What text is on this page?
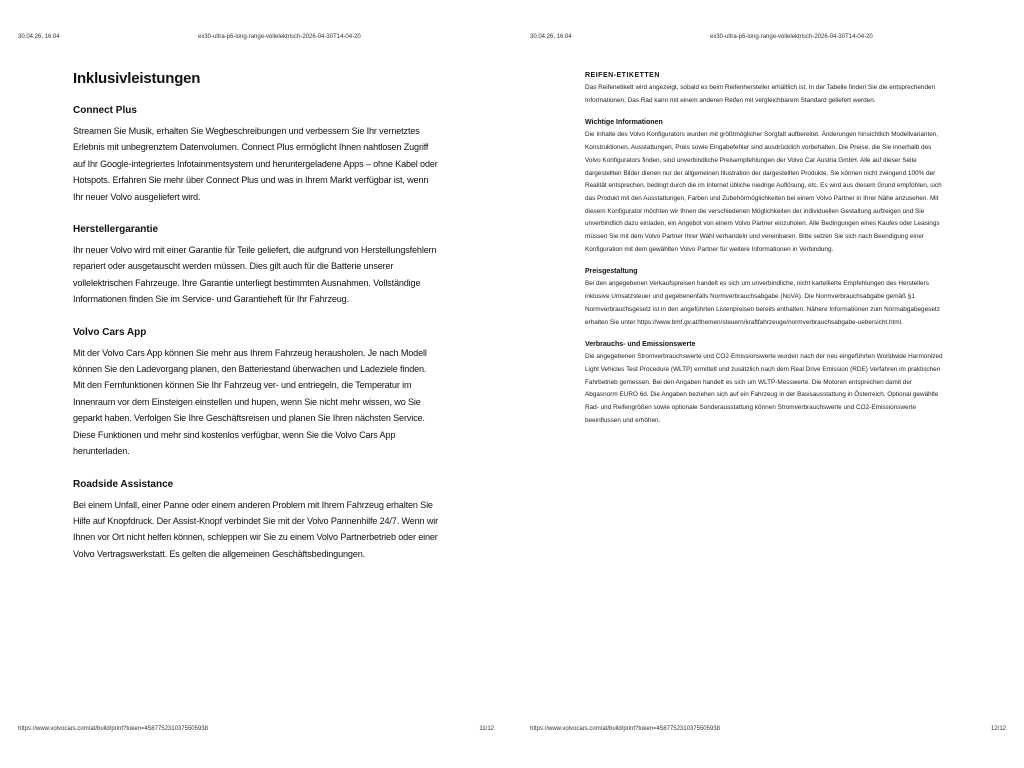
30.04.26, 16:04	ex30-ultra-p6-long-range-vollelektrisch-2026-04-30T14-04-20
Inklusivleistungen
Connect Plus

Streamen Sie Musik, erhalten Sie Wegbeschreibungen und verbessern Sie Ihr vernetztes Erlebnis mit unbegrenztem Datenvolumen. Connect Plus ermöglicht Ihnen nahtlosen Zugriff auf Ihr Google-integriertes Infotainmentsystem und heruntergeladene Apps – ohne Kabel oder Hotspots. Erfahren Sie mehr über Connect Plus und was in Ihrem Markt verfügbar ist, wenn Ihr neuer Volvo ausgeliefert wird.

Herstellergarantie

Ihr neuer Volvo wird mit einer Garantie für Teile geliefert, die aufgrund von Herstellungsfehlern repariert oder ausgetauscht werden müssen. Dies gilt auch für die Batterie unserer vollelektrischen Fahrzeuge. Ihre Garantie unterliegt bestimmten Ausnahmen. Vollständige Informationen finden Sie im Service- und Garantieheft für Ihr Fahrzeug.

Volvo Cars App

Mit der Volvo Cars App können Sie mehr aus Ihrem Fahrzeug herausholen. Je nach Modell können Sie den Ladevorgang planen, den Batteriestand überwachen und Ladeziele finden. Mit den Fernfunktionen können Sie Ihr Fahrzeug ver- und entriegeln, die Temperatur im Innenraum vor dem Einsteigen einstellen und hupen, wenn Sie nicht mehr wissen, wo Sie geparkt haben. Verfolgen Sie Ihre Geschäftsreisen und planen Sie Ihren nächsten Service. Diese Funktionen und mehr sind kostenlos verfügbar, wenn Sie die Volvo Cars App herunterladen.

Roadside Assistance

Bei einem Unfall, einer Panne oder einem anderen Problem mit Ihrem Fahrzeug erhalten Sie Hilfe auf Knopfdruck. Der Assist-Knopf verbindet Sie mit der Volvo Pannenhilfe 24/7. Wenn wir Ihnen vor Ort nicht helfen können, schleppen wir Sie zu einem Volvo Partnerbetrieb oder einer Volvo Vertragswerkstatt. Es gelten die allgemeinen Geschäftsbedingungen.

https://www.volvocars.com/at/build/print?token=4587752310375505938	11/12
30.04.26, 16:04	ex30-ultra-p6-long-range-vollelektrisch-2026-04-30T14-04-20
REIFEN-ETIKETTEN

Das Reifenetikett wird angezeigt, sobald es beim Reifenhersteller erhältlich ist. In der Tabelle finden Sie die entsprechenden Informationen. Das Rad kann mit einem anderen Reifen mit vergleichbarem Standard geliefert werden.

Wichtige Informationen

Die Inhalte des Volvo Konfigurators wurden mit größtmöglicher Sorgfalt aufbereitet. Änderungen hinsichtlich Modellvarianten, Konstruktionen, Ausstattungen, Preis sowie Eingabefehler sind ausdrücklich vorbehalten. Die Preise, die Sie innerhalb des Volvo Konfigurators finden, sind unverbindliche Preisempfehlungen der Volvo Car Austria GmbH. Alle auf dieser Seite dargestellten Bilder dienen nur der allgemeinen Illustration der dargestellten Produkte. Sie können nicht zwingend 100% der Realität entsprechen, bedingt durch die im Internet übliche niedrige Auflösung, etc. Es wird aus diesem Grund empfohlen, sich das Produkt mit den Ausstattungen, Farben und Zubehörmöglichkeiten bei einem Volvo Partner in Ihrer Nähe anzusehen. Mit diesem Konfigurator möchten wir Ihnen die verschiedenen Möglichkeiten der individuellen Gestaltung aufzeigen und Sie unverbindlich dazu einladen, ein Angebot von einem Volvo Partner einzuholen. Alle Bedingungen eines Kaufes oder Leasings müssen Sie mit dem Volvo Partner Ihrer Wahl verhandeln und vereinbaren. Bitte setzen Sie sich nach Beendigung einer Konfiguration mit dem gewählten Volvo Partner für weitere Informationen in Verbindung.

Preisgestaltung

Bei den angegebenen Verkaufspreisen handelt es sich um unverbindliche, nicht kartellierte Empfehlungen des Herstellers inklusive Umsatzsteuer und gegebenenfalls Normverbrauchsabgabe (NoVA). Die Normverbrauchsabgabe gemäß §1 Normverbrauchsgesetz ist in den angeführten Listenpreisen bereits enthalten. Nähere Informationen zum Normabgabegesetz erhalten Sie unter https://www.bmf.gv.at/themen/steuern/kraftfahrzeuge/normverbrauchsabgabe-uebersicht.html.

Verbrauchs- und Emissionswerte

Die angegebenen Stromverbrauchswerte und CO2-Emissionswerte wurden nach der neu eingeführten Worldwide Harmonized Light Vehicles Test Procedure (WLTP) ermittelt und zusätzlich nach dem Real Drive Emission (RDE) Verfahren im praktischen Fahrbetrieb gemessen. Bei den Angaben handelt es sich um WLTP-Messwerte. Die Motoren entsprechen damit der Abgasnorm EURO 6d. Die Angaben beziehen sich auf ein Fahrzeug in der Basisausstattung in Österreich. Optional gewählte Rad- und Reifengrößen sowie optionale Sonderausstattung können Stromverbrauchswerte und CO2-Emissionswerte beeinflussen und erhöhen.

https://www.volvocars.com/at/build/print?token=4587752310375505938	12/12
